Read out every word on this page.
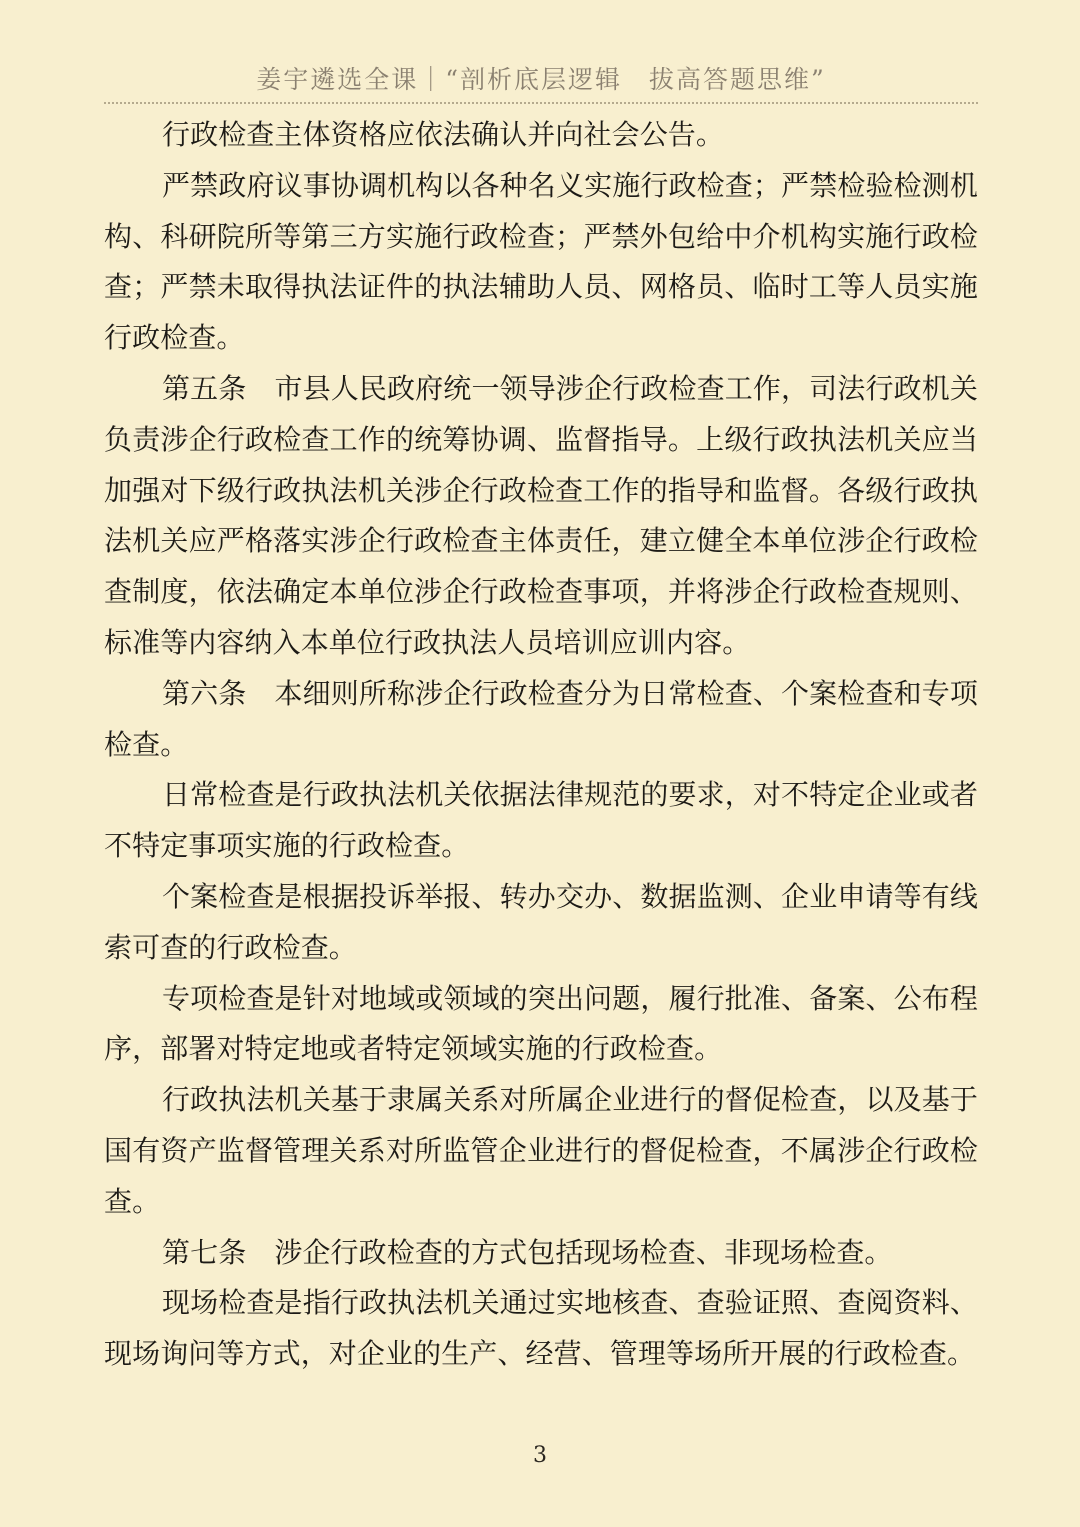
姜宇遴选全课｜“剖析底层逻辑　拔高答题思维”

行政检查主体资格应依法确认并向社会公告。

严禁政府议事协调机构以各种名义实施行政检查；严禁检验检测机构、科研院所等第三方实施行政检查；严禁外包给中介机构实施行政检查；严禁未取得执法证件的执法辅助人员、网格员、临时工等人员实施行政检查。

第五条 市县人民政府统一领导涉企行政检查工作，司法行政机关负责涉企行政检查工作的统筹协调、监督指导。上级行政执法机关应当加强对下级行政执法机关涉企行政检查工作的指导和监督。各级行政执法机关应严格落实涉企行政检查主体责任，建立健全本单位涉企行政检查制度，依法确定本单位涉企行政检查事项，并将涉企行政检查规则、标准等内容纳入本单位行政执法人员培训应训内容。

第六条 本细则所称涉企行政检查分为日常检查、个案检查和专项检查。

日常检查是行政执法机关依据法律规范的要求，对不特定企业或者不特定事项实施的行政检查。

个案检查是根据投诉举报、转办交办、数据监测、企业申请等有线索可查的行政检查。

专项检查是针对地域或领域的突出问题，履行批准、备案、公布程序，部署对特定地或者特定领域实施的行政检查。

行政执法机关基于隶属关系对所属企业进行的督促检查，以及基于国有资产监督管理关系对所监管企业进行的督促检查，不属涉企行政检查。

第七条 涉企行政检查的方式包括现场检查、非现场检查。

现场检查是指行政执法机关通过实地核查、查验证照、查阅资料、现场询问等方式，对企业的生产、经营、管理等场所开展的行政检查。

3
